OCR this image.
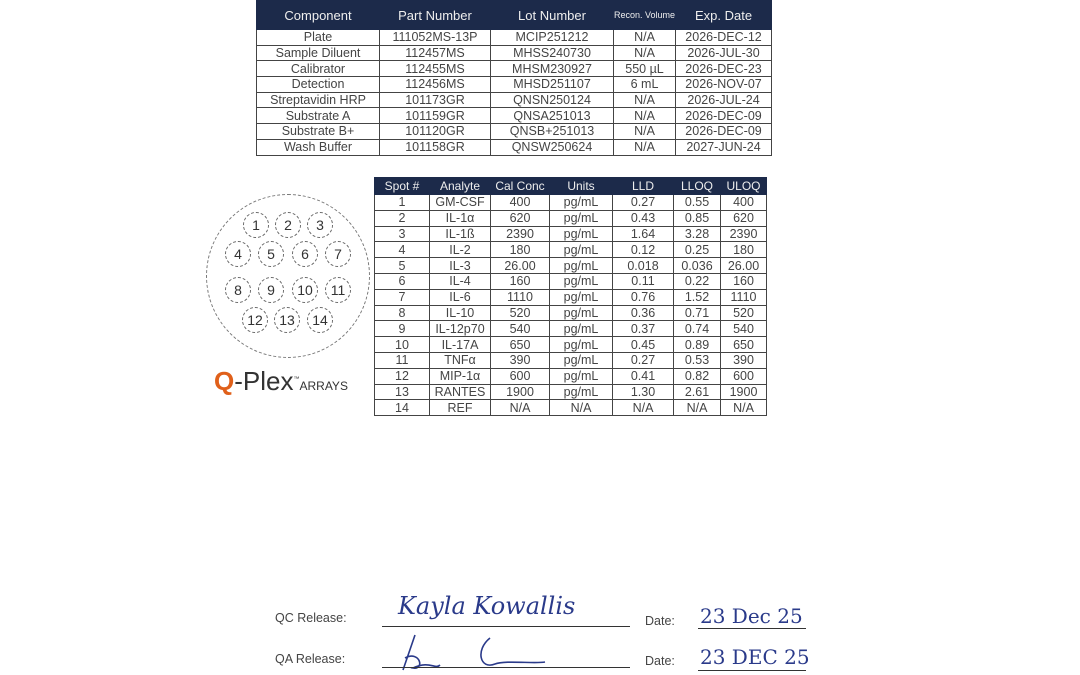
Component	Part Number	Lot Number	Recon. Volume	Exp. Date
Plate	111052MS-13P	MCIP251212	N/A	2026-DEC-12
Sample Diluent	112457MS	MHSS240730	N/A	2026-JUL-30
Calibrator	112455MS	MHSM230927	550 µL	2026-DEC-23
Detection	112456MS	MHSD251107	6 mL	2026-NOV-07
Streptavidin HRP	101173GR	QNSN250124	N/A	2026-JUL-24
Substrate A	101159GR	QNSA251013	N/A	2026-DEC-09
Substrate B+	101120GR	QNSB+251013	N/A	2026-DEC-09
Wash Buffer	101158GR	QNSW250624	N/A	2027-JUN-24
Spot #	Analyte	Cal Conc	Units	LLD	LLOQ	ULOQ
1	GM-CSF	400	pg/mL	0.27	0.55	400
2	IL-1α	620	pg/mL	0.43	0.85	620
3	IL-1ß	2390	pg/mL	1.64	3.28	2390
4	IL-2	180	pg/mL	0.12	0.25	180
5	IL-3	26.00	pg/mL	0.018	0.036	26.00
6	IL-4	160	pg/mL	0.11	0.22	160
7	IL-6	1110	pg/mL	0.76	1.52	1110
8	IL-10	520	pg/mL	0.36	0.71	520
9	IL-12p70	540	pg/mL	0.37	0.74	540
10	IL-17A	650	pg/mL	0.45	0.89	650
11	TNFα	390	pg/mL	0.27	0.53	390
12	MIP-1α	600	pg/mL	0.41	0.82	600
13	RANTES	1900	pg/mL	1.30	2.61	1900
14	REF	N/A	N/A	N/A	N/A	N/A
1	2	3
4	5	6	7
8	9	10	11
12	13	14
Q-Plex™ARRAYS
QC Release: Kayla Kowallis
Date: 23 Dec 25
QA Release:	Date: 23 DEC 25
